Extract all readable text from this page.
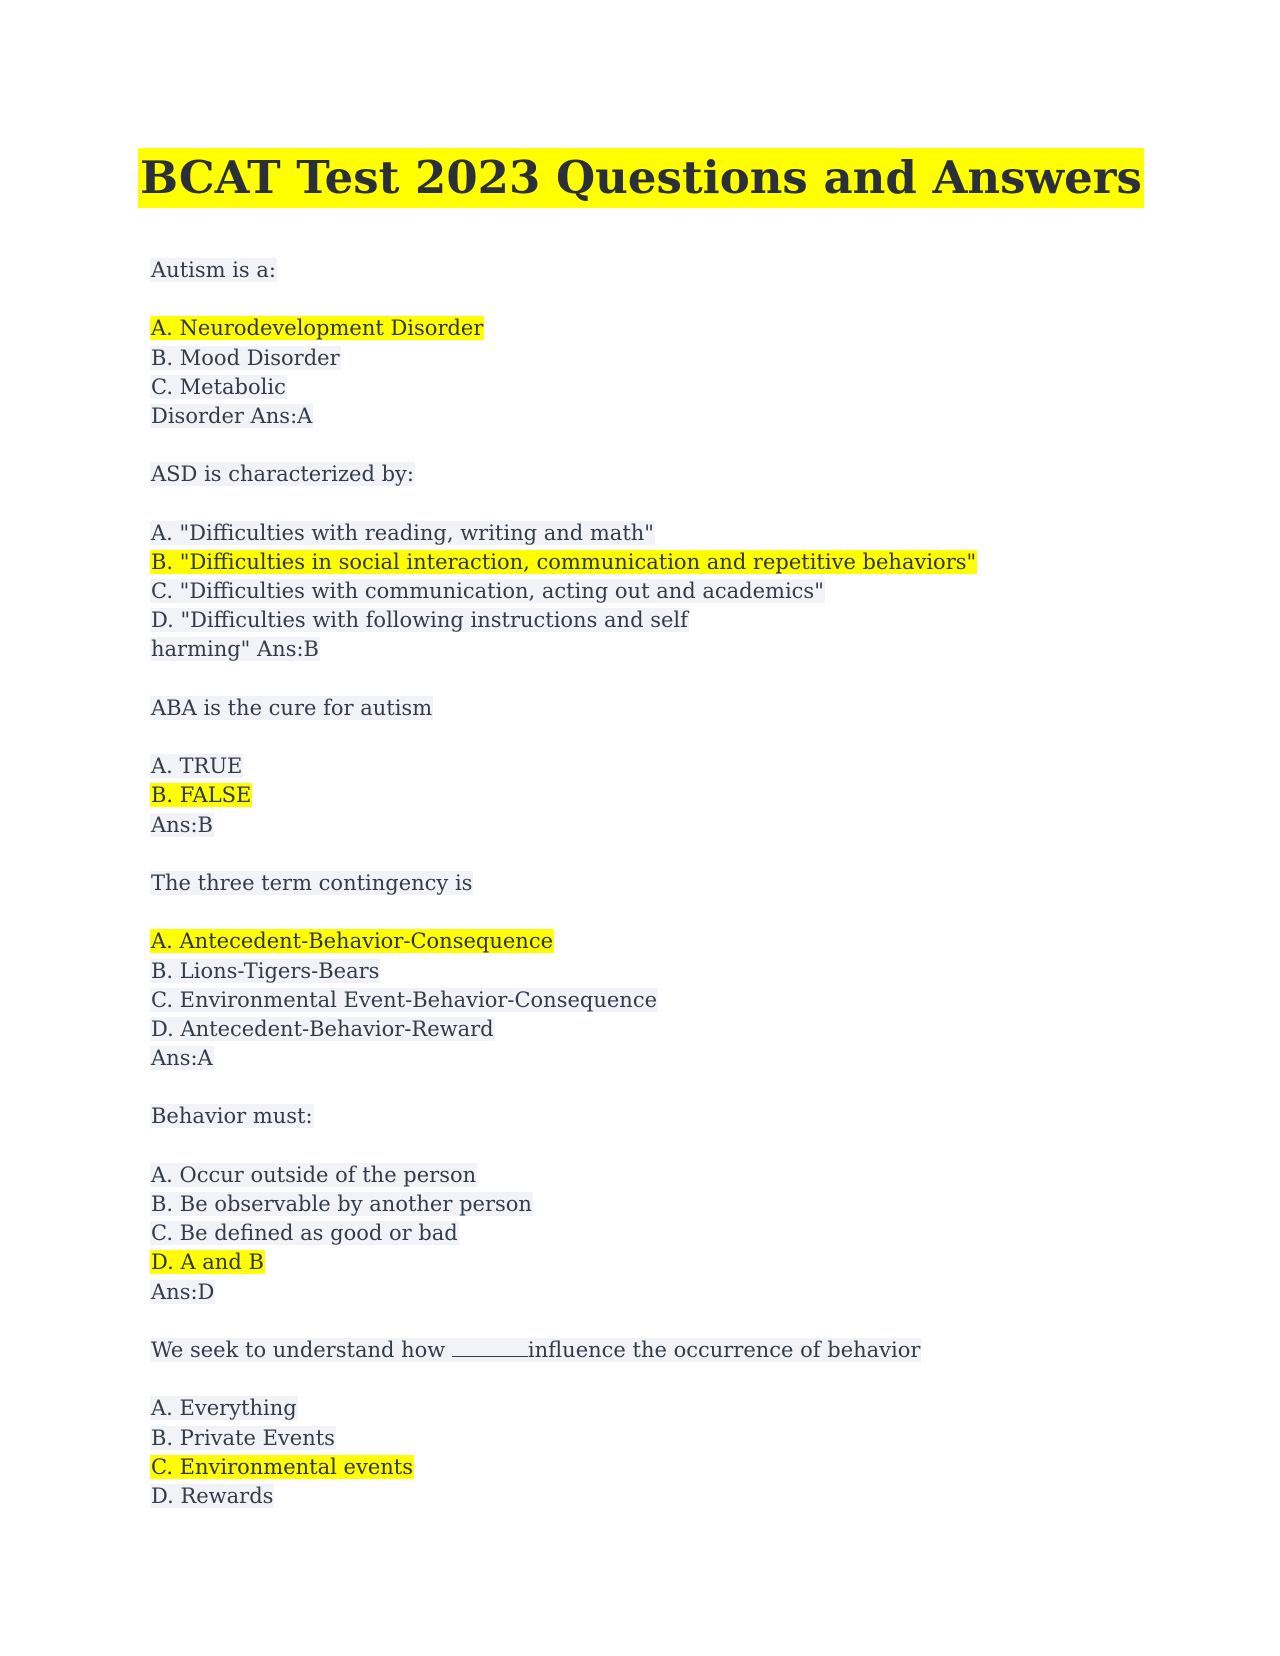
BCAT Test 2023 Questions and Answers
Autism is a:
A. Neurodevelopment Disorder
B. Mood Disorder
C. Metabolic
Disorder Ans:A
ASD is characterized by:
A. "Difficulties with reading, writing and math"
B. "Difficulties in social interaction, communication and repetitive behaviors"
C. "Difficulties with communication, acting out and academics"
D. "Difficulties with following instructions and self
harming" Ans:B
ABA is the cure for autism
A. TRUE
B. FALSE
Ans:B
The three term contingency is
A. Antecedent-Behavior-Consequence
B. Lions-Tigers-Bears
C. Environmental Event-Behavior-Consequence
D. Antecedent-Behavior-Reward
Ans:A
Behavior must:
A. Occur outside of the person
B. Be observable by another person
C. Be defined as good or bad
D. A and B
Ans:D
We seek to understand how	influence the occurrence of behavior
A. Everything
B. Private Events
C. Environmental events
D. Rewards
